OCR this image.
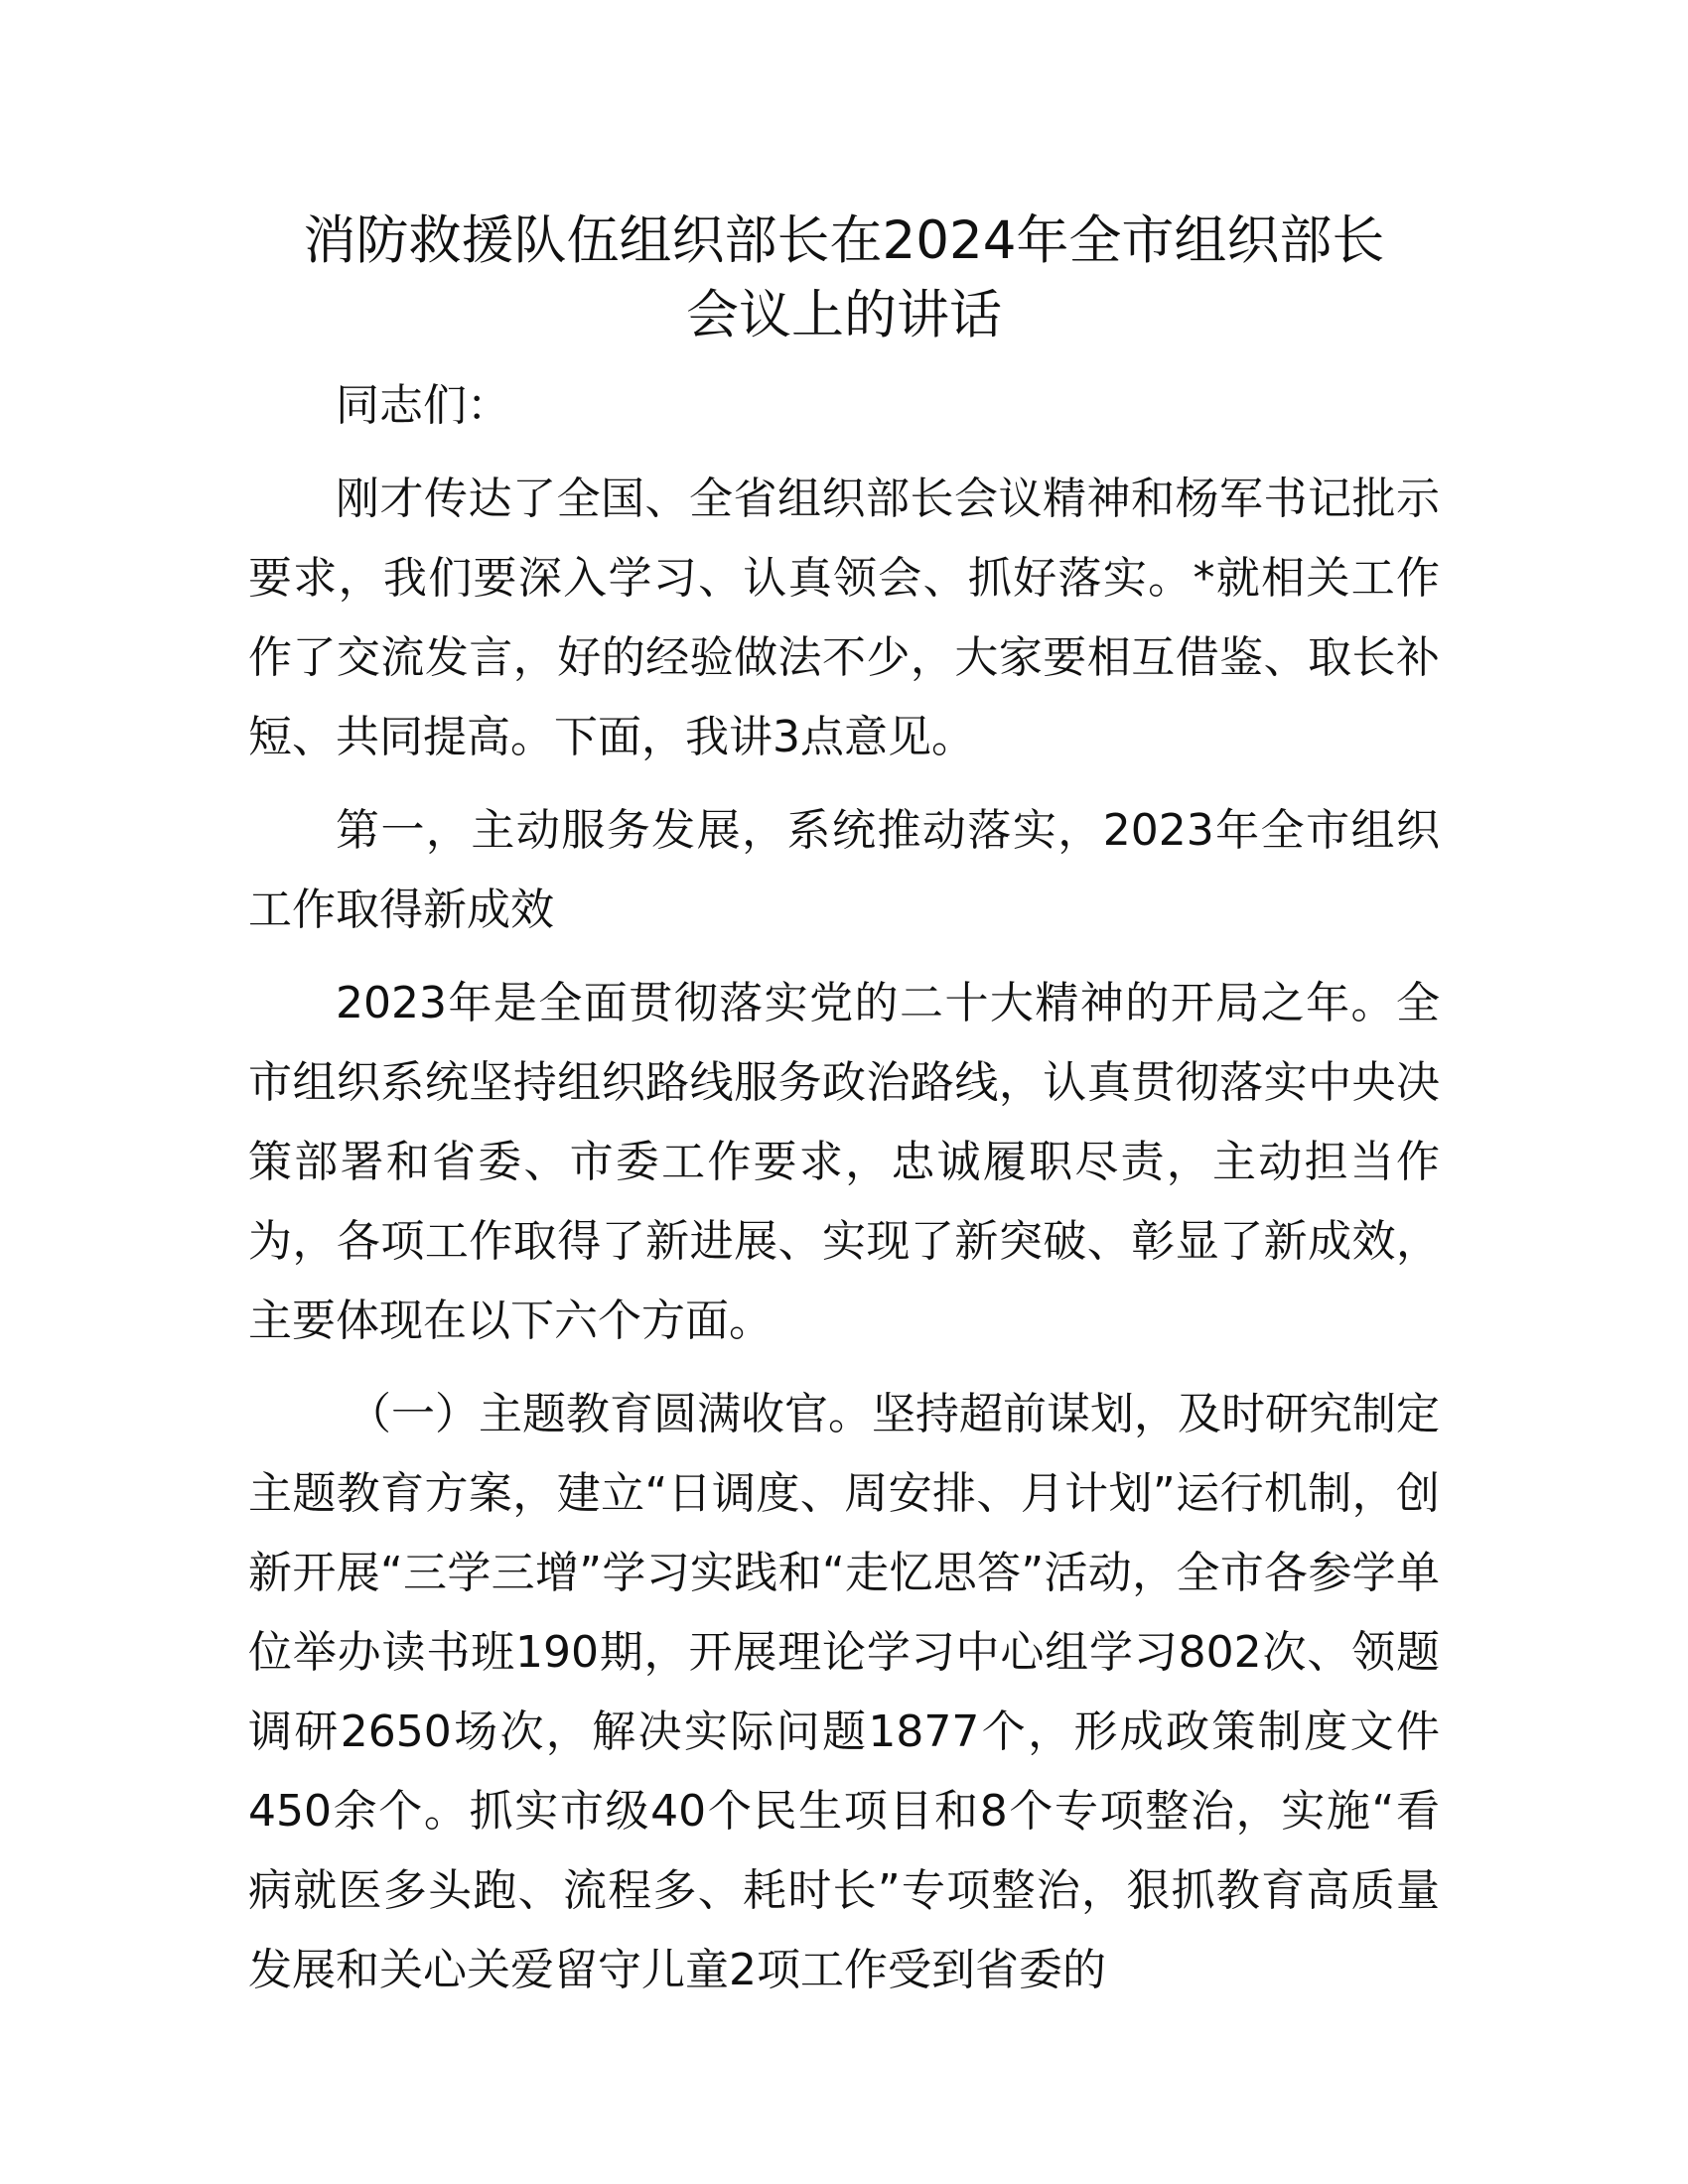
消防救援队伍组织部长在2024年全市组织部长
会议上的讲话

同志们：

刚才传达了全国、全省组织部长会议精神和杨军书记批示要求，我们要深入学习、认真领会、抓好落实。*就相关工作作了交流发言，好的经验做法不少，大家要相互借鉴、取长补短、共同提高。下面，我讲3点意见。

第一，主动服务发展，系统推动落实，2023年全市组织工作取得新成效

2023年是全面贯彻落实党的二十大精神的开局之年。全市组织系统坚持组织路线服务政治路线，认真贯彻落实中央决策部署和省委、市委工作要求，忠诚履职尽责，主动担当作为，各项工作取得了新进展、实现了新突破、彰显了新成效，主要体现在以下六个方面。

（一）主题教育圆满收官。坚持超前谋划，及时研究制定主题教育方案，建立“日调度、周安排、月计划”运行机制，创新开展“三学三增”学习实践和“走忆思答”活动，全市各参学单位举办读书班190期，开展理论学习中心组学习802次、领题调研2650场次，解决实际问题1877个，形成政策制度文件450余个。抓实市级40个民生项目和8个专项整治，实施“看病就医多头跑、流程多、耗时长”专项整治，狠抓教育高质量发展和关心关爱留守儿童2项工作受到省委的
